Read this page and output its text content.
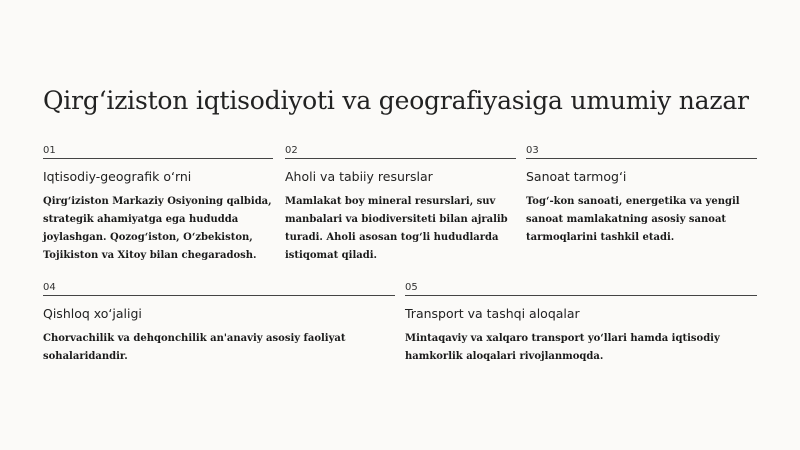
Qirg‘iziston iqtisodiyoti va geografiyasiga umumiy nazar
01
Iqtisodiy-geografik o‘rni
Qirg‘iziston Markaziy Osiyoning qalbida, strategik ahamiyatga ega hududda joylashgan. Qozog‘iston, O‘zbekiston, Tojikiston va Xitoy bilan chegaradosh.
02
Aholi va tabiiy resurslar
Mamlakat boy mineral resurslari, suv manbalari va biodiversiteti bilan ajralib turadi. Aholi asosan tog‘li hududlarda istiqomat qiladi.
03
Sanoat tarmog‘i
Tog‘-kon sanoati, energetika va yengil sanoat mamlakatning asosiy sanoat tarmoqlarini tashkil etadi.
04
Qishloq xo‘jaligi
Chorvachilik va dehqonchilik an'anaviy asosiy faoliyat sohalaridandir.
05
Transport va tashqi aloqalar
Mintaqaviy va xalqaro transport yo‘llari hamda iqtisodiy hamkorlik aloqalari rivojlanmoqda.
